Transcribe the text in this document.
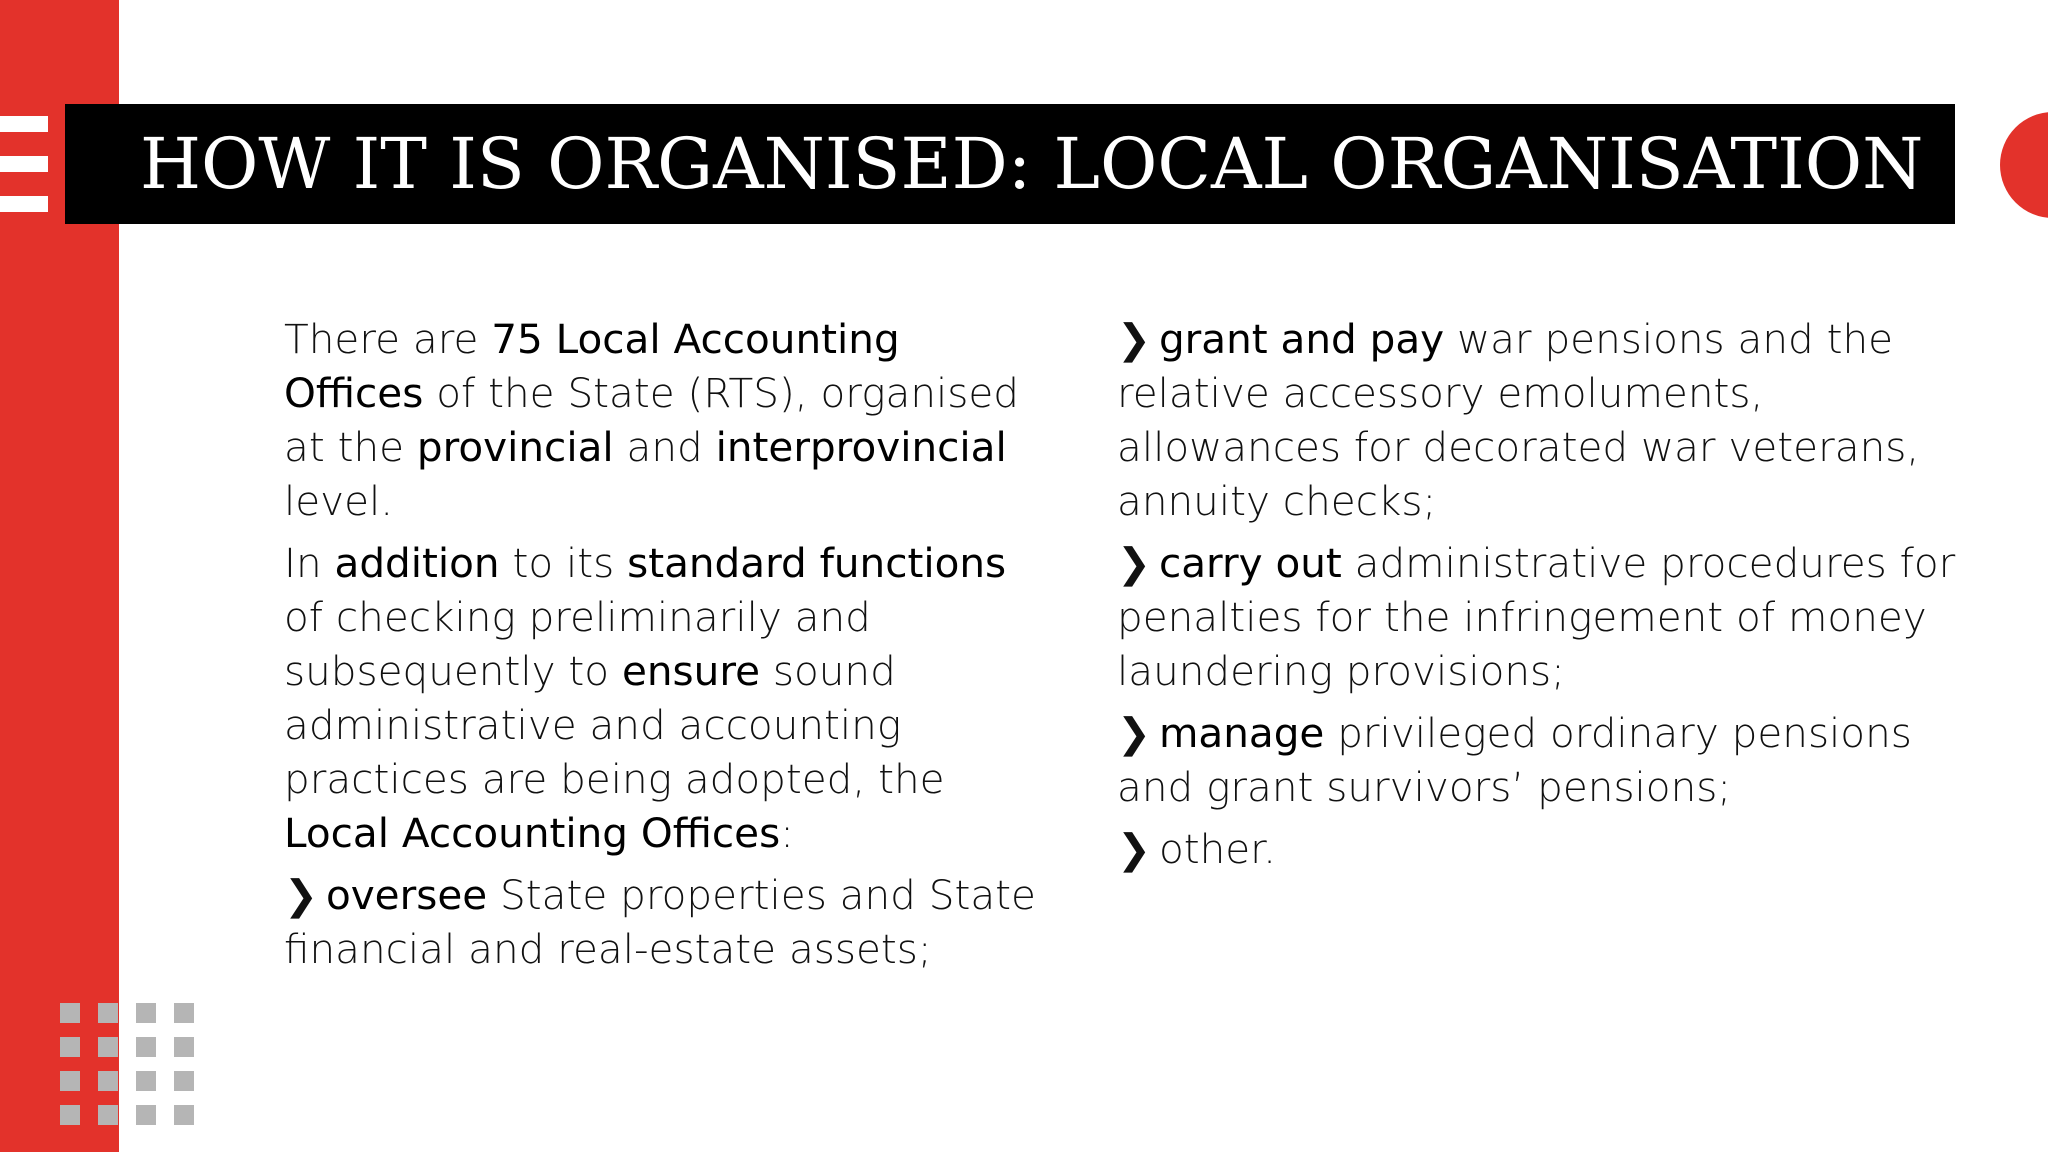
HOW IT IS ORGANISED: LOCAL ORGANISATION

There are 75 Local Accounting Offices of the State (RTS), organised at the provincial and interprovincial level.

In addition to its standard functions of checking preliminarily and subsequently to ensure sound administrative and accounting practices are being adopted, the Local Accounting Offices:

❯ oversee State properties and State financial and real-estate assets;

❯ grant and pay war pensions and the relative accessory emoluments, allowances for decorated war veterans, annuity checks;

❯ carry out administrative procedures for penalties for the infringement of money laundering provisions;

❯ manage privileged ordinary pensions and grant survivors’ pensions;

❯ other.
